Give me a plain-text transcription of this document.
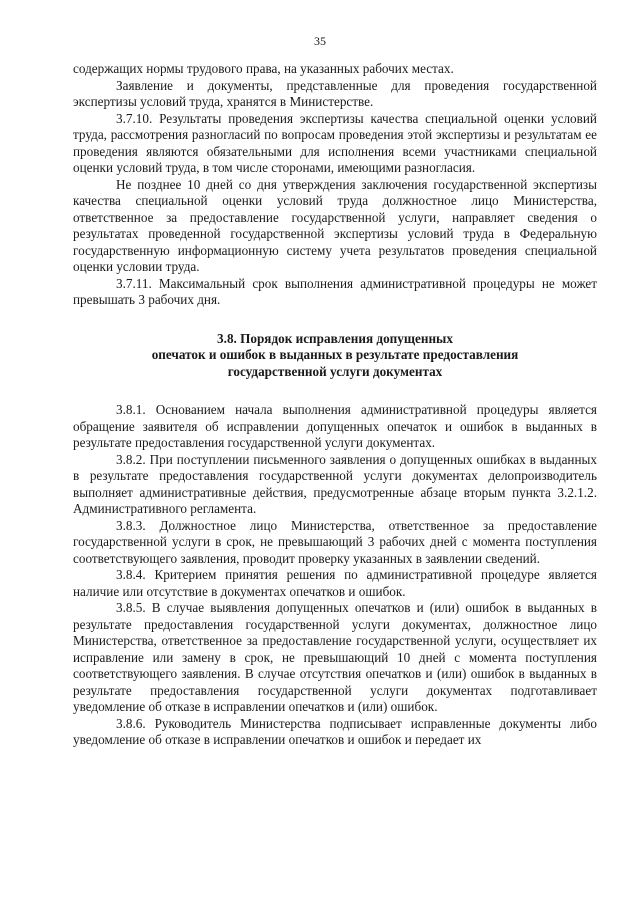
35

содержащих нормы трудового права, на указанных рабочих местах.

Заявление и документы, представленные для проведения государственной экспертизы условий труда, хранятся в Министерстве.

3.7.10. Результаты проведения экспертизы качества специальной оценки условий труда, рассмотрения разногласий по вопросам проведения этой экспертизы и результатам ее проведения являются обязательными для исполнения всеми участниками специальной оценки условий труда, в том числе сторонами, имеющими разногласия.

Не позднее 10 дней со дня утверждения заключения государственной экспертизы качества специальной оценки условий труда должностное лицо Министерства, ответственное за предоставление государственной услуги, направляет сведения о результатах проведенной государственной экспертизы условий труда в Федеральную государственную информационную систему учета результатов проведения специальной оценки условии труда.

3.7.11. Максимальный срок выполнения административной процедуры не может превышать 3 рабочих дня.

3.8. Порядок исправления допущенных
опечаток и ошибок в выданных в результате предоставления
государственной услуги документах

3.8.1. Основанием начала выполнения административной процедуры является обращение заявителя об исправлении допущенных опечаток и ошибок в выданных в результате предоставления государственной услуги документах.

3.8.2. При поступлении письменного заявления о допущенных ошибках в выданных в результате предоставления государственной услуги документах делопроизводитель выполняет административные действия, предусмотренные абзаце вторым пункта 3.2.1.2. Административного регламента.

3.8.3. Должностное лицо Министерства, ответственное за предоставление государственной услуги в срок, не превышающий 3 рабочих дней с момента поступления соответствующего заявления, проводит проверку указанных в заявлении сведений.

3.8.4. Критерием принятия решения по административной процедуре является наличие или отсутствие в документах опечатков и ошибок.

3.8.5. В случае выявления допущенных опечатков и (или) ошибок в выданных в результате предоставления государственной услуги документах, должностное лицо Министерства, ответственное за предоставление государственной услуги, осуществляет их исправление или замену в срок, не превышающий 10 дней с момента поступления соответствующего заявления. В случае отсутствия опечатков и (или) ошибок в выданных в результате предоставления государственной услуги документах подготавливает уведомление об отказе в исправлении опечатков и (или) ошибок.

3.8.6. Руководитель Министерства подписывает исправленные документы либо уведомление об отказе в исправлении опечатков и ошибок и передает их
